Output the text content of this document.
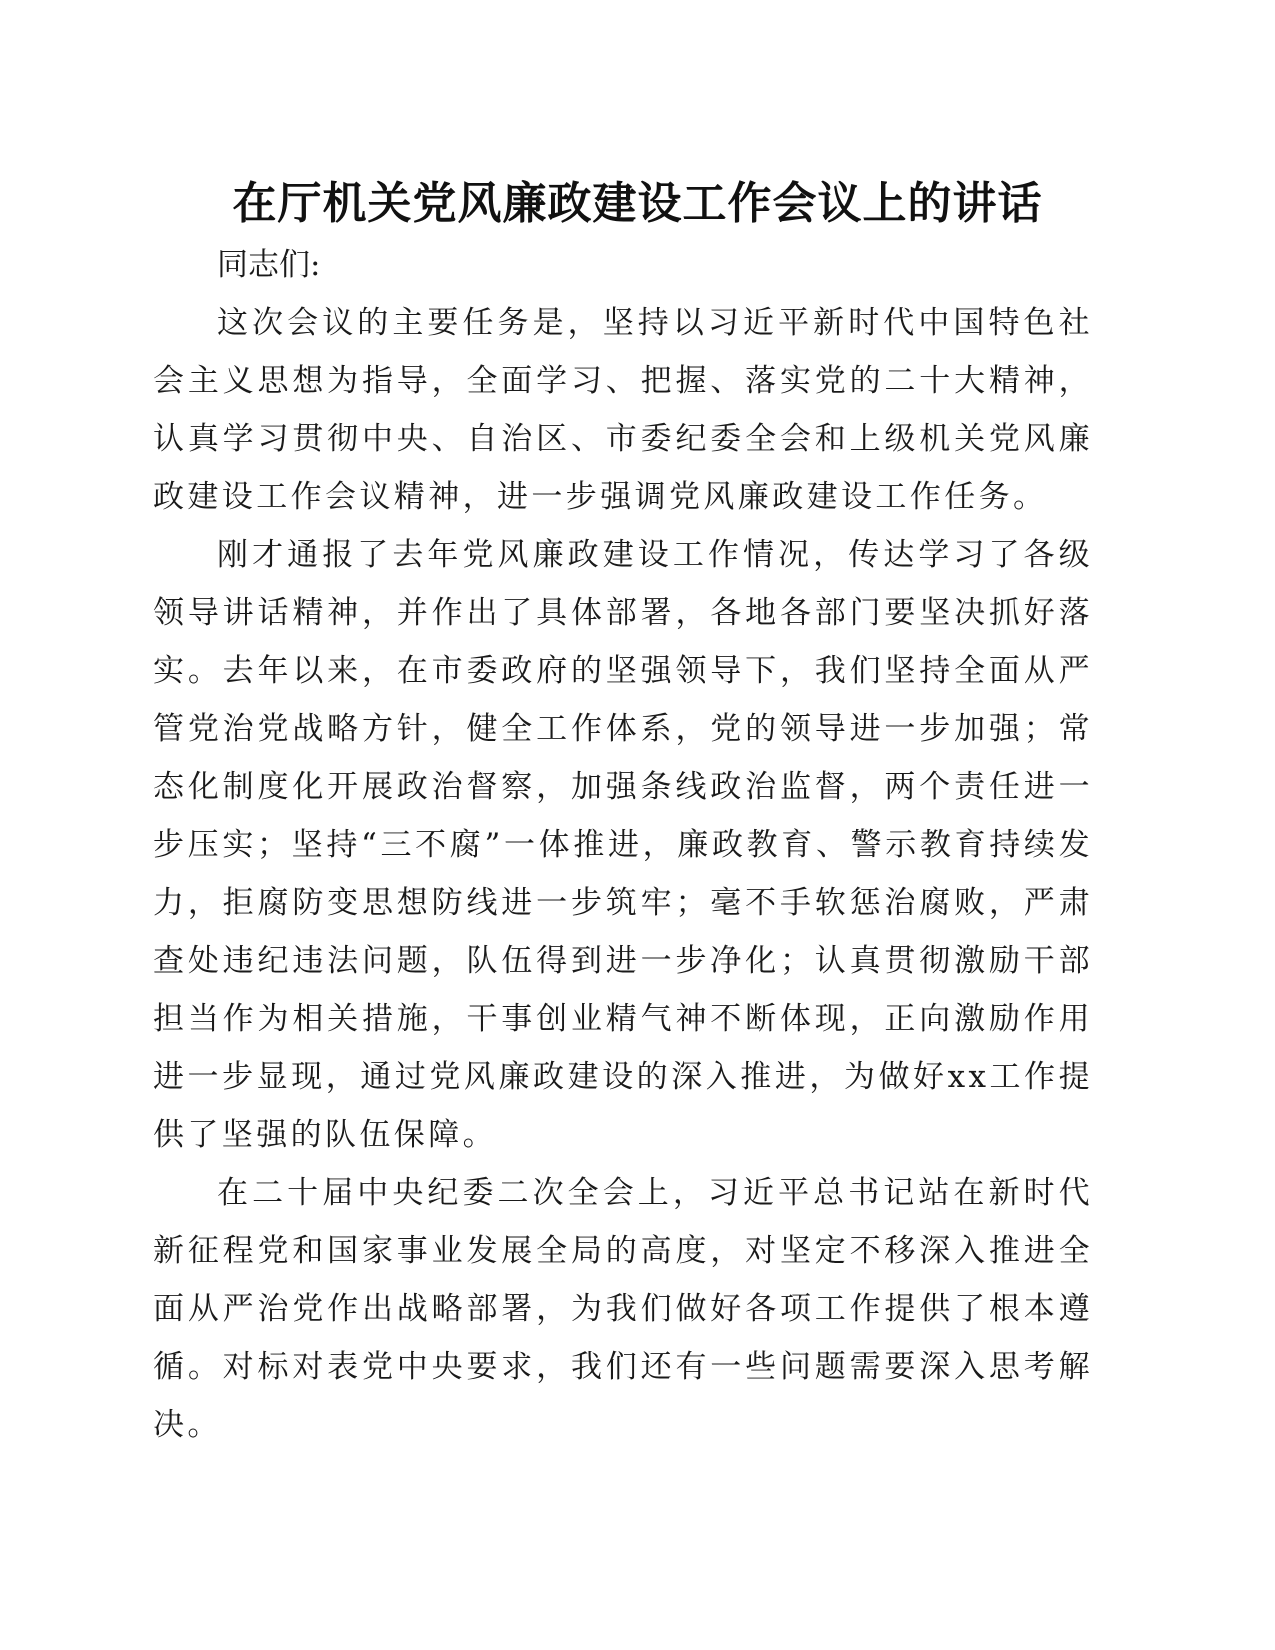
在厅机关党风廉政建设工作会议上的讲话

同志们:

这次会议的主要任务是，坚持以习近平新时代中国特色社会主义思想为指导，全面学习、把握、落实党的二十大精神，认真学习贯彻中央、自治区、市委纪委全会和上级机关党风廉政建设工作会议精神，进一步强调党风廉政建设工作任务。

刚才通报了去年党风廉政建设工作情况，传达学习了各级领导讲话精神，并作出了具体部署，各地各部门要坚决抓好落实。去年以来，在市委政府的坚强领导下，我们坚持全面从严管党治党战略方针，健全工作体系，党的领导进一步加强；常态化制度化开展政治督察，加强条线政治监督，两个责任进一步压实；坚持“三不腐”一体推进，廉政教育、警示教育持续发力，拒腐防变思想防线进一步筑牢；毫不手软惩治腐败，严肃查处违纪违法问题，队伍得到进一步净化；认真贯彻激励干部担当作为相关措施，干事创业精气神不断体现，正向激励作用进一步显现，通过党风廉政建设的深入推进，为做好xx工作提供了坚强的队伍保障。

在二十届中央纪委二次全会上，习近平总书记站在新时代新征程党和国家事业发展全局的高度，对坚定不移深入推进全面从严治党作出战略部署，为我们做好各项工作提供了根本遵循。对标对表党中央要求，我们还有一些问题需要深入思考解决。
